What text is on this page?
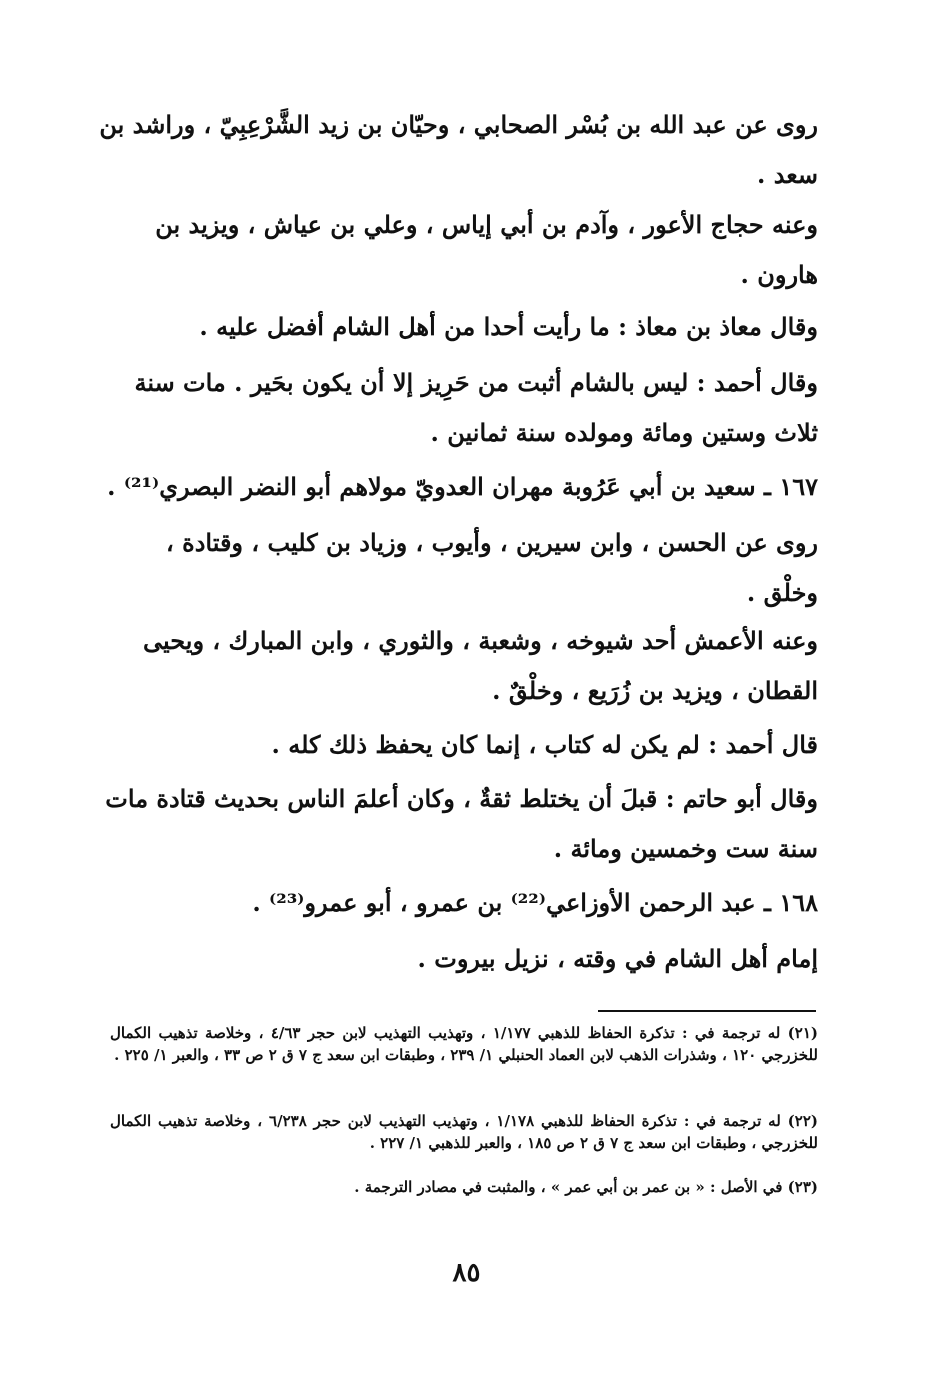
روى عن عبد الله بن بُسْر الصحابي ، وحيّان بن زيد الشَّرْعِبِيّ ، وراشد بن
سعد .
وعنه حجاج الأعور ، وآدم بن أبي إياس ، وعلي بن عياش ، ويزيد بن
هارون .
وقال معاذ بن معاذ : ما رأيت أحدا من أهل الشام أفضل عليه .
وقال أحمد : ليس بالشام أثبت من حَرِيز إلا أن يكون بحَير . مات سنة
ثلاث وستين ومائة ومولده سنة ثمانين .
١٦٧ ـ سعيد بن أبي عَرُوبة مهران العدويّ مولاهم أبو النضر البصري⁽²¹⁾ .
روى عن الحسن ، وابن سيرين ، وأيوب ، وزياد بن كليب ، وقتادة ،
وخلْق .
وعنه الأعمش أحد شيوخه ، وشعبة ، والثوري ، وابن المبارك ، ويحيى
القطان ، ويزيد بن زُرَيع ، وخلْقٌ .
قال أحمد : لم يكن له كتاب ، إنما كان يحفظ ذلك كله .
وقال أبو حاتم : قبلَ أن يختلط ثقةٌ ، وكان أعلمَ الناس بحديث قتادة مات
سنة ست وخمسين ومائة .
١٦٨ ـ عبد الرحمن الأوزاعي⁽²²⁾ بن عمرو ، أبو عمرو⁽²³⁾ .
إمام أهل الشام في وقته ، نزيل بيروت .
(٢١) له ترجمة في : تذكرة الحفاظ للذهبي ١/١٧٧ ، وتهذيب التهذيب لابن حجر ٤/٦٣ ، وخلاصة تذهيب الكمال للخزرجي ١٢٠ ، وشذرات الذهب لابن العماد الحنبلي ١/ ٢٣٩ ، وطبقات ابن سعد ج ٧ ق ٢ ص ٣٣ ، والعبر ١/ ٢٢٥ .
(٢٢) له ترجمة في : تذكرة الحفاظ للذهبي ١/١٧٨ ، وتهذيب التهذيب لابن حجر ٦/٢٣٨ ، وخلاصة تذهيب الكمال للخزرجي ، وطبقات ابن سعد ج ٧ ق ٢ ص ١٨٥ ، والعبر للذهبي ١/ ٢٢٧ .
(٢٣) في الأصل : « بن عمر بن أبي عمر » ، والمثبت في مصادر الترجمة .
٨٥
